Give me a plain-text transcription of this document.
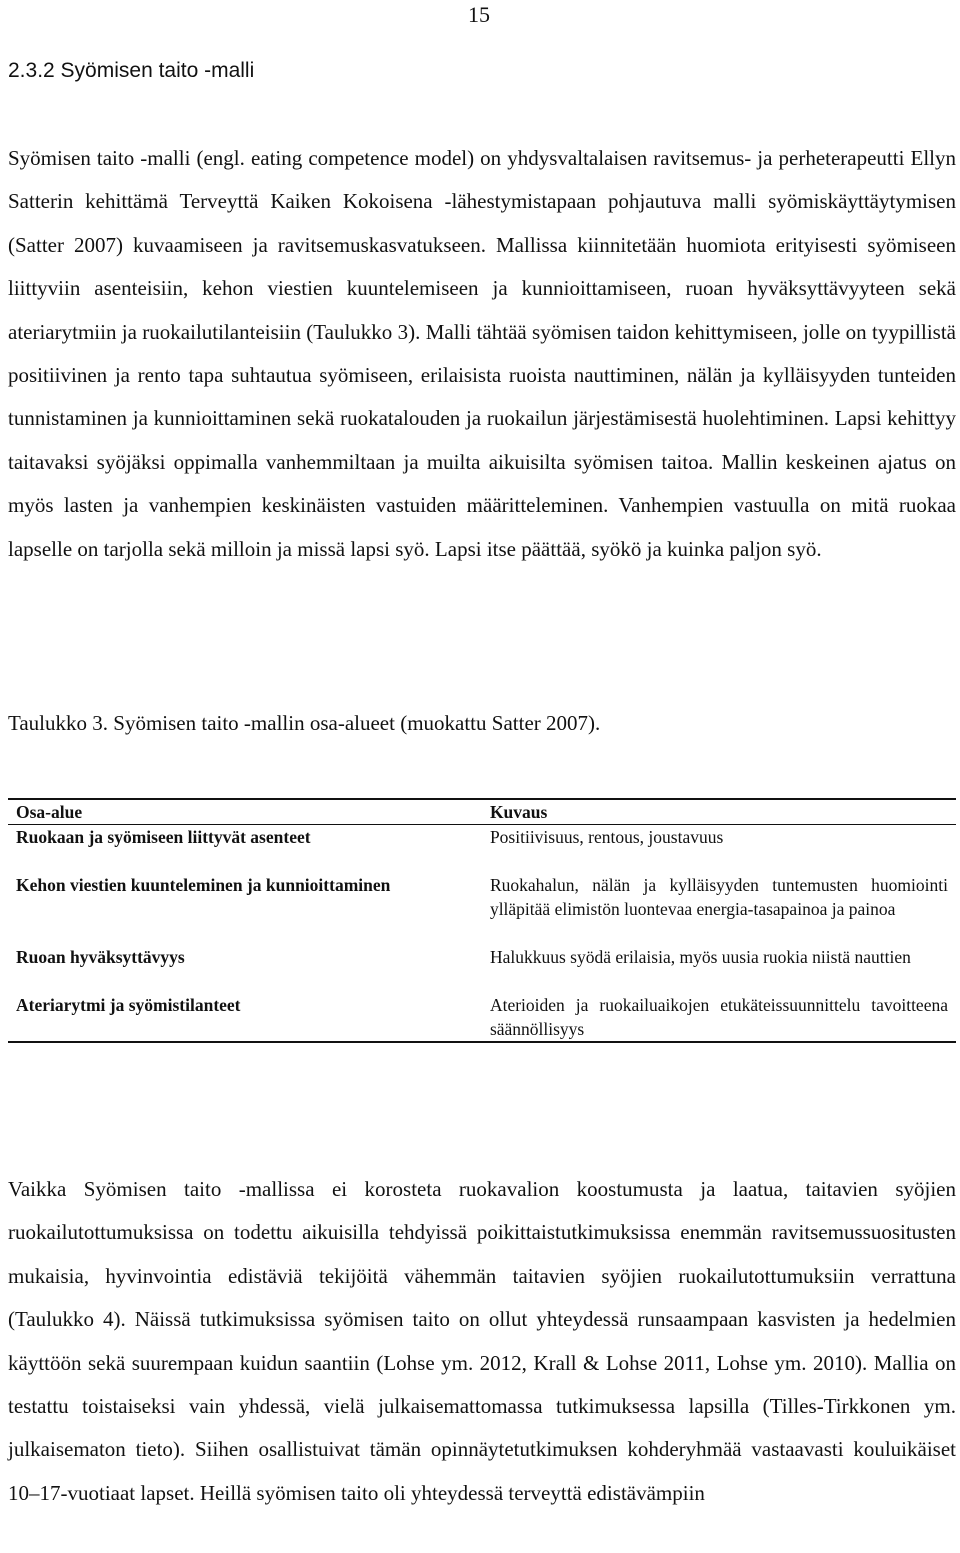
15
2.3.2 Syömisen taito -malli

Syömisen taito -malli (engl. eating competence model) on yhdysvaltalaisen ravitsemus- ja perheterapeutti Ellyn Satterin kehittämä Terveyttä Kaiken Kokoisena -lähestymistapaan pohjautuva malli syömiskäyttäytymisen (Satter 2007) kuvaamiseen ja ravitsemuskasvatukseen. Mallissa kiinnitetään huomiota erityisesti syömiseen liittyviin asenteisiin, kehon viestien kuuntelemiseen ja kunnioittamiseen, ruoan hyväksyttävyyteen sekä ateriarytmiin ja ruokailutilanteisiin (Taulukko 3). Malli tähtää syömisen taidon kehittymiseen, jolle on tyypillistä positiivinen ja rento tapa suhtautua syömiseen, erilaisista ruoista nauttiminen, nälän ja kylläisyyden tunteiden tunnistaminen ja kunnioittaminen sekä ruokatalouden ja ruokailun järjestämisestä huolehtiminen. Lapsi kehittyy taitavaksi syöjäksi oppimalla vanhemmiltaan ja muilta aikuisilta syömisen taitoa. Mallin keskeinen ajatus on myös lasten ja vanhempien keskinäisten vastuiden määritteleminen. Vanhempien vastuulla on mitä ruokaa lapselle on tarjolla sekä milloin ja missä lapsi syö. Lapsi itse päättää, syökö ja kuinka paljon syö.

Taulukko 3. Syömisen taito -mallin osa-alueet (muokattu Satter 2007).

Osa-alue	Kuvaus
Ruokaan ja syömiseen liittyvät asenteet	Positiivisuus, rentous, joustavuus
Kehon viestien kuunteleminen ja kunnioittaminen	Ruokahalun, nälän ja kylläisyyden tuntemusten huomiointi ylläpitää elimistön luontevaa energia-tasapainoa ja painoa
Ruoan hyväksyttävyys	Halukkuus syödä erilaisia, myös uusia ruokia niistä nauttien
Ateriarytmi ja syömistilanteet	Aterioiden ja ruokailuaikojen etukäteissuunnittelu tavoitteena säännöllisyys

Vaikka Syömisen taito -mallissa ei korosteta ruokavalion koostumusta ja laatua, taitavien syöjien ruokailutottumuksissa on todettu aikuisilla tehdyissä poikittaistutkimuksissa enemmän ravitsemussuositusten mukaisia, hyvinvointia edistäviä tekijöitä vähemmän taitavien syöjien ruokailutottumuksiin verrattuna (Taulukko 4). Näissä tutkimuksissa syömisen taito on ollut yhteydessä runsaampaan kasvisten ja hedelmien käyttöön sekä suurempaan kuidun saantiin (Lohse ym. 2012, Krall & Lohse 2011, Lohse ym. 2010). Mallia on testattu toistaiseksi vain yhdessä, vielä julkaisemattomassa tutkimuksessa lapsilla (Tilles-Tirkkonen ym. julkaisematon tieto). Siihen osallistuivat tämän opinnäytetutkimuksen kohderyhmää vastaavasti kouluikäiset 10–17-vuotiaat lapset. Heillä syömisen taito oli yhteydessä terveyttä edistävämpiin
